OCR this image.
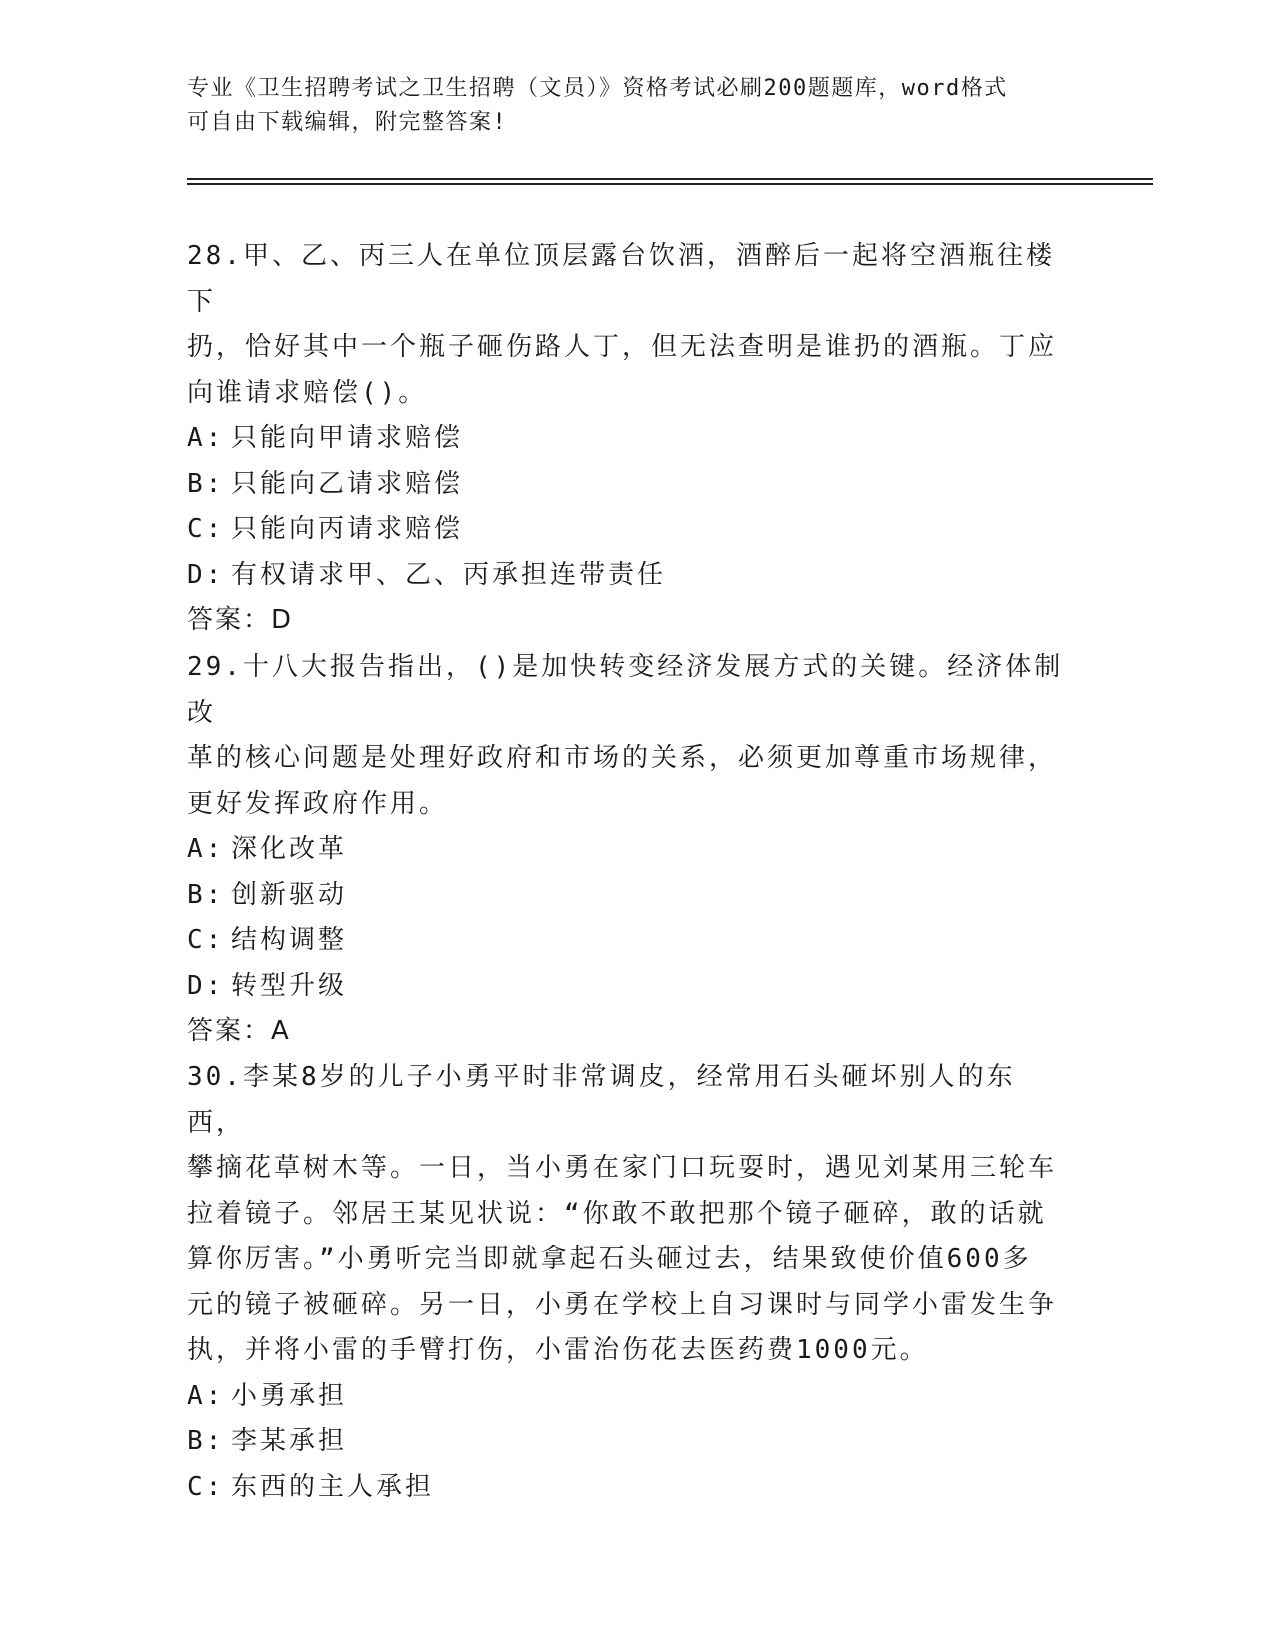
专业《卫生招聘考试之卫生招聘（文员）》资格考试必刷200题题库，word格式
可自由下载编辑，附完整答案!

28.甲、乙、丙三人在单位顶层露台饮酒，酒醉后一起将空酒瓶往楼下

扔，恰好其中一个瓶子砸伤路人丁，但无法查明是谁扔的酒瓶。丁应

向谁请求赔偿()。

A: 只能向甲请求赔偿
B: 只能向乙请求赔偿
C: 只能向丙请求赔偿
D: 有权请求甲、乙、丙承担连带责任

答案：D

29.十八大报告指出，()是加快转变经济发展方式的关键。经济体制改

革的核心问题是处理好政府和市场的关系，必须更加尊重市场规律，

更好发挥政府作用。

A: 深化改革
B: 创新驱动
C: 结构调整
D: 转型升级

答案：A

30.李某8岁的儿子小勇平时非常调皮，经常用石头砸坏别人的东西，

攀摘花草树木等。一日，当小勇在家门口玩耍时，遇见刘某用三轮车

拉着镜子。邻居王某见状说：“你敢不敢把那个镜子砸碎，敢的话就

算你厉害。”小勇听完当即就拿起石头砸过去，结果致使价值600多

元的镜子被砸碎。另一日，小勇在学校上自习课时与同学小雷发生争

执，并将小雷的手臂打伤，小雷治伤花去医药费1000元。

A: 小勇承担
B: 李某承担
C: 东西的主人承担
